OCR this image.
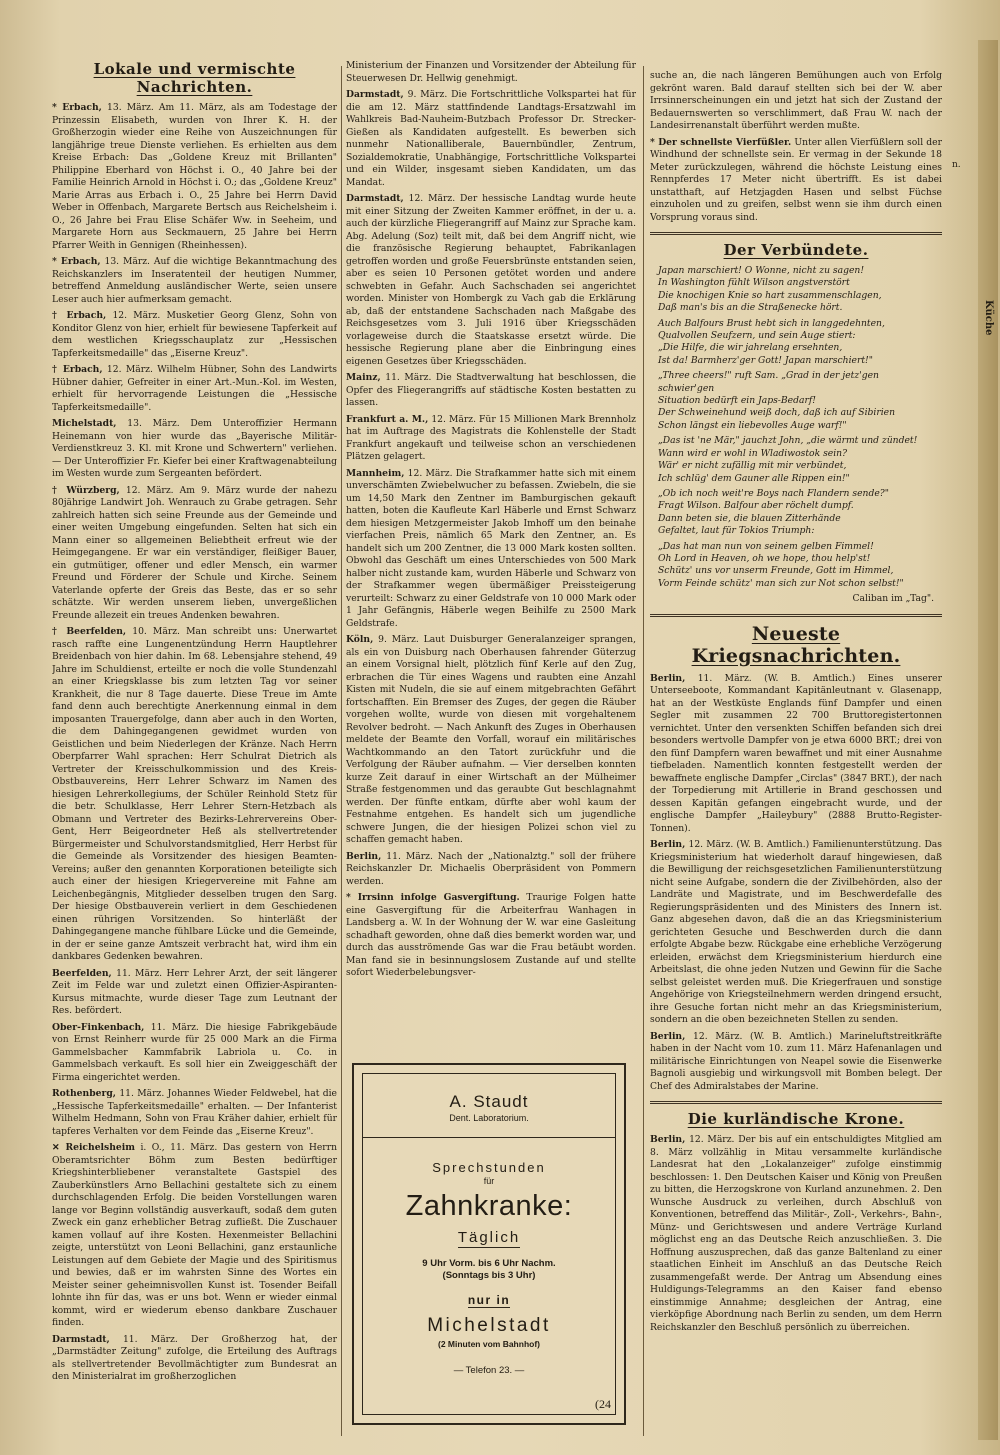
Lokale und vermischte Nachrichten.

* Erbach, 13. März. Am 11. März, als am Todestage der Prinzessin Elisabeth, wurden von Ihrer K. H. der Großherzogin wieder eine Reihe von Auszeichnungen für langjährige treue Dienste verliehen. Es erhielten aus dem Kreise Erbach: Das „Goldene Kreuz mit Brillanten" Philippine Eberhard von Höchst i. O., 40 Jahre bei der Familie Heinrich Arnold in Höchst i. O.; das „Goldene Kreuz" Marie Arras aus Erbach i. O., 25 Jahre bei Herrn David Weber in Offenbach, Margarete Bertsch aus Reichelsheim i. O., 26 Jahre bei Frau Elise Schäfer Ww. in Seeheim, und Margarete Horn aus Seckmauern, 25 Jahre bei Herrn Pfarrer Weith in Gennigen (Rheinhessen).

* Erbach, 13. März. Auf die wichtige Bekanntmachung des Reichskanzlers im Inseratenteil der heutigen Nummer, betreffend Anmeldung ausländischer Werte, seien unsere Leser auch hier aufmerksam gemacht.

† Erbach, 12. März. Musketier Georg Glenz, Sohn von Konditor Glenz von hier, erhielt für bewiesene Tapferkeit auf dem westlichen Kriegsschauplatz zur „Hessischen Tapferkeitsmedaille" das „Eiserne Kreuz".

† Erbach, 12. März. Wilhelm Hübner, Sohn des Landwirts Hübner dahier, Gefreiter in einer Art.-Mun.-Kol. im Westen, erhielt für hervorragende Leistungen die „Hessische Tapferkeitsmedaille".

Michelstadt, 13. März. Dem Unteroffizier Hermann Heinemann von hier wurde das „Bayerische Militär-Verdienstkreuz 3. Kl. mit Krone und Schwertern" verliehen. — Der Unteroffizier Fr. Kiefer bei einer Kraftwagenabteilung im Westen wurde zum Sergeanten befördert.

† Würzberg, 12. März. Am 9. März wurde der nahezu 80jährige Landwirt Joh. Wenrauch zu Grabe getragen. Sehr zahlreich hatten sich seine Freunde aus der Gemeinde und einer weiten Umgebung eingefunden. Selten hat sich ein Mann einer so allgemeinen Beliebtheit erfreut wie der Heimgegangene. Er war ein verständiger, fleißiger Bauer, ein gutmütiger, offener und edler Mensch, ein warmer Freund und Förderer der Schule und Kirche. Seinem Vaterlande opferte der Greis das Beste, das er so sehr schätzte. Wir werden unserem lieben, unvergeßlichen Freunde allezeit ein treues Andenken bewahren.

† Beerfelden, 10. März. Man schreibt uns: Unerwartet rasch raffte eine Lungenentzündung Herrn Hauptlehrer Breidenbach von hier dahin. Im 68. Lebensjahre stehend, 49 Jahre im Schuldienst, erteilte er noch die volle Stundenzahl an einer Kriegsklasse bis zum letzten Tag vor seiner Krankheit, die nur 8 Tage dauerte. Diese Treue im Amte fand denn auch berechtigte Anerkennung einmal in dem imposanten Trauergefolge, dann aber auch in den Worten, die dem Dahingegangenen gewidmet wurden von Geistlichen und beim Niederlegen der Kränze. Nach Herrn Oberpfarrer Wahl sprachen: Herr Schulrat Dietrich als Vertreter der Kreisschulkommission und des Kreis-Obstbauvereins, Herr Lehrer Schwarz im Namen des hiesigen Lehrerkollegiums, der Schüler Reinhold Stetz für die betr. Schulklasse, Herr Lehrer Stern-Hetzbach als Obmann und Vertreter des Bezirks-Lehrervereins Ober-Gent, Herr Beigeordneter Heß als stellvertretender Bürgermeister und Schulvorstandsmitglied, Herr Herbst für die Gemeinde als Vorsitzender des hiesigen Beamten-Vereins; außer den genannten Korporationen beteiligte sich auch einer der hiesigen Kriegervereine mit Fahne am Leichenbegängnis, Mitglieder desselben trugen den Sarg. Der hiesige Obstbauverein verliert in dem Geschiedenen einen rührigen Vorsitzenden. So hinterläßt der Dahingegangene manche fühlbare Lücke und die Gemeinde, in der er seine ganze Amtszeit verbracht hat, wird ihm ein dankbares Gedenken bewahren.

Beerfelden, 11. März. Herr Lehrer Arzt, der seit längerer Zeit im Felde war und zuletzt einen Offizier-Aspiranten-Kursus mitmachte, wurde dieser Tage zum Leutnant der Res. befördert.

Ober-Finkenbach, 11. März. Die hiesige Fabrikgebäude von Ernst Reinherr wurde für 25 000 Mark an die Firma Gammelsbacher Kammfabrik Labriola u. Co. in Gammelsbach verkauft. Es soll hier ein Zweiggeschäft der Firma eingerichtet werden.

Rothenberg, 11. März. Johannes Wieder Feldwebel, hat die „Hessische Tapferkeitsmedaille" erhalten. — Der Infanterist Wilhelm Hedmann, Sohn von Frau Kräher dahier, erhielt für tapferes Verhalten vor dem Feinde das „Eiserne Kreuz".

✕ Reichelsheim i. O., 11. März. Das gestern von Herrn Oberamtsrichter Böhm zum Besten bedürftiger Kriegshinterbliebener veranstaltete Gastspiel des Zauberkünstlers Arno Bellachini gestaltete sich zu einem durchschlagenden Erfolg. Die beiden Vorstellungen waren lange vor Beginn vollständig ausverkauft, sodaß dem guten Zweck ein ganz erheblicher Betrag zufließt. Die Zuschauer kamen vollauf auf ihre Kosten. Hexenmeister Bellachini zeigte, unterstützt von Leoni Bellachini, ganz erstaunliche Leistungen auf dem Gebiete der Magie und des Spiritismus und bewies, daß er im wahrsten Sinne des Wortes ein Meister seiner geheimnisvollen Kunst ist. Tosender Beifall lohnte ihn für das, was er uns bot. Wenn er wieder einmal kommt, wird er wiederum ebenso dankbare Zuschauer finden.

Darmstadt, 11. März. Der Großherzog hat, der „Darmstädter Zeitung" zufolge, die Erteilung des Auftrags als stellvertretender Bevollmächtigter zum Bundesrat an den Ministerialrat im großherzoglichen

Ministerium der Finanzen und Vorsitzender der Abteilung für Steuerwesen Dr. Hellwig genehmigt.

Darmstadt, 9. März. Die Fortschrittliche Volkspartei hat für die am 12. März stattfindende Landtags-Ersatzwahl im Wahlkreis Bad-Nauheim-Butzbach Professor Dr. Strecker-Gießen als Kandidaten aufgestellt. Es bewerben sich nunmehr Nationalliberale, Bauernbündler, Zentrum, Sozialdemokratie, Unabhängige, Fortschrittliche Volkspartei und ein Wilder, insgesamt sieben Kandidaten, um das Mandat.

Darmstadt, 12. März. Der hessische Landtag wurde heute mit einer Sitzung der Zweiten Kammer eröffnet, in der u. a. auch der kürzliche Fliegerangriff auf Mainz zur Sprache kam. Abg. Adelung (Soz) teilt mit, daß bei dem Angriff nicht, wie die französische Regierung behauptet, Fabrikanlagen getroffen worden und große Feuersbrünste entstanden seien, aber es seien 10 Personen getötet worden und andere schwebten in Gefahr. Auch Sachschaden sei angerichtet worden. Minister von Hombergk zu Vach gab die Erklärung ab, daß der entstandene Sachschaden nach Maßgabe des Reichsgesetzes vom 3. Juli 1916 über Kriegsschäden vorlageweise durch die Staatskasse ersetzt würde. Die hessische Regierung plane aber die Einbringung eines eigenen Gesetzes über Kriegsschäden.

Mainz, 11. März. Die Stadtverwaltung hat beschlossen, die Opfer des Fliegerangriffs auf städtische Kosten bestatten zu lassen.

Frankfurt a. M., 12. März. Für 15 Millionen Mark Brennholz hat im Auftrage des Magistrats die Kohlenstelle der Stadt Frankfurt angekauft und teilweise schon an verschiedenen Plätzen gelagert.

Mannheim, 12. März. Die Strafkammer hatte sich mit einem unverschämten Zwiebelwucher zu befassen. Zwiebeln, die sie um 14,50 Mark den Zentner im Bamburgischen gekauft hatten, boten die Kaufleute Karl Häberle und Ernst Schwarz dem hiesigen Metzgermeister Jakob Imhoff um den beinahe vierfachen Preis, nämlich 65 Mark den Zentner, an. Es handelt sich um 200 Zentner, die 13 000 Mark kosten sollten. Obwohl das Geschäft um eines Unterschiedes von 500 Mark halber nicht zustande kam, wurden Häberle und Schwarz von der Strafkammer wegen übermäßiger Preissteigerung verurteilt: Schwarz zu einer Geldstrafe von 10 000 Mark oder 1 Jahr Gefängnis, Häberle wegen Beihilfe zu 2500 Mark Geldstrafe.

Köln, 9. März. Laut Duisburger Generalanzeiger sprangen, als ein von Duisburg nach Oberhausen fahrender Güterzug an einem Vorsignal hielt, plötzlich fünf Kerle auf den Zug, erbrachen die Tür eines Wagens und raubten eine Anzahl Kisten mit Nudeln, die sie auf einem mitgebrachten Gefährt fortschafften. Ein Bremser des Zuges, der gegen die Räuber vorgehen wollte, wurde von diesen mit vorgehaltenem Revolver bedroht. — Nach Ankunft des Zuges in Oberhausen meldete der Beamte den Vorfall, worauf ein militärisches Wachtkommando an den Tatort zurückfuhr und die Verfolgung der Räuber aufnahm. — Vier derselben konnten kurze Zeit darauf in einer Wirtschaft an der Mülheimer Straße festgenommen und das geraubte Gut beschlagnahmt werden. Der fünfte entkam, dürfte aber wohl kaum der Festnahme entgehen. Es handelt sich um jugendliche schwere Jungen, die der hiesigen Polizei schon viel zu schaffen gemacht haben.

Berlin, 11. März. Nach der „Nationalztg." soll der frühere Reichskanzler Dr. Michaelis Oberpräsident von Pommern werden.

* Irrsinn infolge Gasvergiftung. Traurige Folgen hatte eine Gasvergiftung für die Arbeiterfrau Wanhagen in Landsberg a. W. In der Wohnung der W. war eine Gasleitung schadhaft geworden, ohne daß dies bemerkt worden war, und durch das ausströmende Gas war die Frau betäubt worden. Man fand sie in besinnungslosem Zustande auf und stellte sofort Wiederbelebungsver-

A. Staudt
Dent. Laboratorium.
Sprechstunden
für
Zahnkranke:
Täglich
9 Uhr Vorm. bis 6 Uhr Nachm.
(Sonntags bis 3 Uhr)
nur in
Michelstadt
(2 Minuten vom Bahnhof)
— Telefon 23. —
(24

suche an, die nach längeren Bemühungen auch von Erfolg gekrönt waren. Bald darauf stellten sich bei der W. aber Irrsinnerscheinungen ein und jetzt hat sich der Zustand der Bedauernswerten so verschlimmert, daß Frau W. nach der Landesirrenanstalt überführt werden mußte.

* Der schnellste Vierfüßler. Unter allen Vierfüßlern soll der Windhund der schnellste sein. Er vermag in der Sekunde 18 Meter zurückzulegen, während die höchste Leistung eines Rennpferdes 17 Meter nicht übertrifft. Es ist dabei unstatthaft, auf Hetzjagden Hasen und selbst Füchse einzuholen und zu greifen, selbst wenn sie ihm durch einen Vorsprung voraus sind.

Der Verbündete.
Japan marschiert! O Wonne, nicht zu sagen!
In Washington fühlt Wilson angstverstört
Die knochigen Knie so hart zusammenschlagen,
Daß man's bis an die Straßenecke hört.
Auch Balfours Brust hebt sich in langgedehnten,
Qualvollen Seufzern, und sein Auge stiert:
„Die Hilfe, die wir jahrelang ersehnten,
Ist da! Barmherz'ger Gott! Japan marschiert!"
„Three cheers!" ruft Sam. „Grad in der jetz'gen schwier'gen
Situation bedürft ein Japs-Bedarf!
Der Schweinehund weiß doch, daß ich auf Sibirien
Schon längst ein liebevolles Auge warf!"
„Das ist 'ne Mär," jauchzt John, „die wärmt und zündet!
Wann wird er wohl in Wladiwostok sein?
Wär' er nicht zufällig mit mir verbündet,
Ich schlüg' dem Gauner alle Rippen ein!"
„Ob ich noch weit're Boys nach Flandern sende?"
Fragt Wilson. Balfour aber röchelt dumpf.
Dann beten sie, die blauen Zitterhände
Gefaltet, laut für Tokios Triumph:
„Das hat man nun von seinem gelben Fimmel!
Oh Lord in Heaven, oh we hope, thou help'st!
Schütz' uns vor unserm Freunde, Gott im Himmel,
Vorm Feinde schütz' man sich zur Not schon selbst!"
Caliban im „Tag".
Neueste Kriegsnachrichten.

Berlin, 11. März. (W. B. Amtlich.) Eines unserer Unterseeboote, Kommandant Kapitänleutnant v. Glasenapp, hat an der Westküste Englands fünf Dampfer und einen Segler mit zusammen 22 700 Bruttoregistertonnen vernichtet. Unter den versenkten Schiffen befanden sich drei besonders wertvolle Dampfer von je etwa 6000 BRT.; drei von den fünf Dampfern waren bewaffnet und mit einer Ausnahme tiefbeladen. Namentlich konnten festgestellt werden der bewaffnete englische Dampfer „Circlas" (3847 BRT.), der nach der Torpedierung mit Artillerie in Brand geschossen und dessen Kapitän gefangen eingebracht wurde, und der englische Dampfer „Haileybury" (2888 Brutto-Register-Tonnen).

Berlin, 12. März. (W. B. Amtlich.) Familienunterstützung. Das Kriegsministerium hat wiederholt darauf hingewiesen, daß die Bewilligung der reichsgesetzlichen Familienunterstützung nicht seine Aufgabe, sondern die der Zivilbehörden, also der Landräte und Magistrate, und im Beschwerdefalle des Regierungspräsidenten und des Ministers des Innern ist. Ganz abgesehen davon, daß die an das Kriegsministerium gerichteten Gesuche und Beschwerden durch die dann erfolgte Abgabe bezw. Rückgabe eine erhebliche Verzögerung erleiden, erwächst dem Kriegsministerium hierdurch eine Arbeitslast, die ohne jeden Nutzen und Gewinn für die Sache selbst geleistet werden muß. Die Kriegerfrauen und sonstige Angehörige von Kriegsteilnehmern werden dringend ersucht, ihre Gesuche fortan nicht mehr an das Kriegsministerium, sondern an die oben bezeichneten Stellen zu senden.

Berlin, 12. März. (W. B. Amtlich.) Marineluftstreitkräfte haben in der Nacht vom 10. zum 11. März Hafenanlagen und militärische Einrichtungen von Neapel sowie die Eisenwerke Bagnoli ausgiebig und wirkungsvoll mit Bomben belegt. Der Chef des Admiralstabes der Marine.

Die kurländische Krone.

Berlin, 12. März. Der bis auf ein entschuldigtes Mitglied am 8. März vollzählig in Mitau versammelte kurländische Landesrat hat den „Lokalanzeiger" zufolge einstimmig beschlossen: 1. Den Deutschen Kaiser und König von Preußen zu bitten, die Herzogskrone von Kurland anzunehmen. 2. Den Wunsche Ausdruck zu verleihen, durch Abschluß von Konventionen, betreffend das Militär-, Zoll-, Verkehrs-, Bahn-, Münz- und Gerichtswesen und andere Verträge Kurland möglichst eng an das Deutsche Reich anzuschließen. 3. Die Hoffnung auszusprechen, daß das ganze Baltenland zu einer staatlichen Einheit im Anschluß an das Deutsche Reich zusammengefaßt werde. Der Antrag um Absendung eines Huldigungs-Telegramms an den Kaiser fand ebenso einstimmige Annahme; desgleichen der Antrag, eine vierköpfige Abordnung nach Berlin zu senden, um dem Herrn Reichskanzler den Beschluß persönlich zu überreichen.

n.
Küche
